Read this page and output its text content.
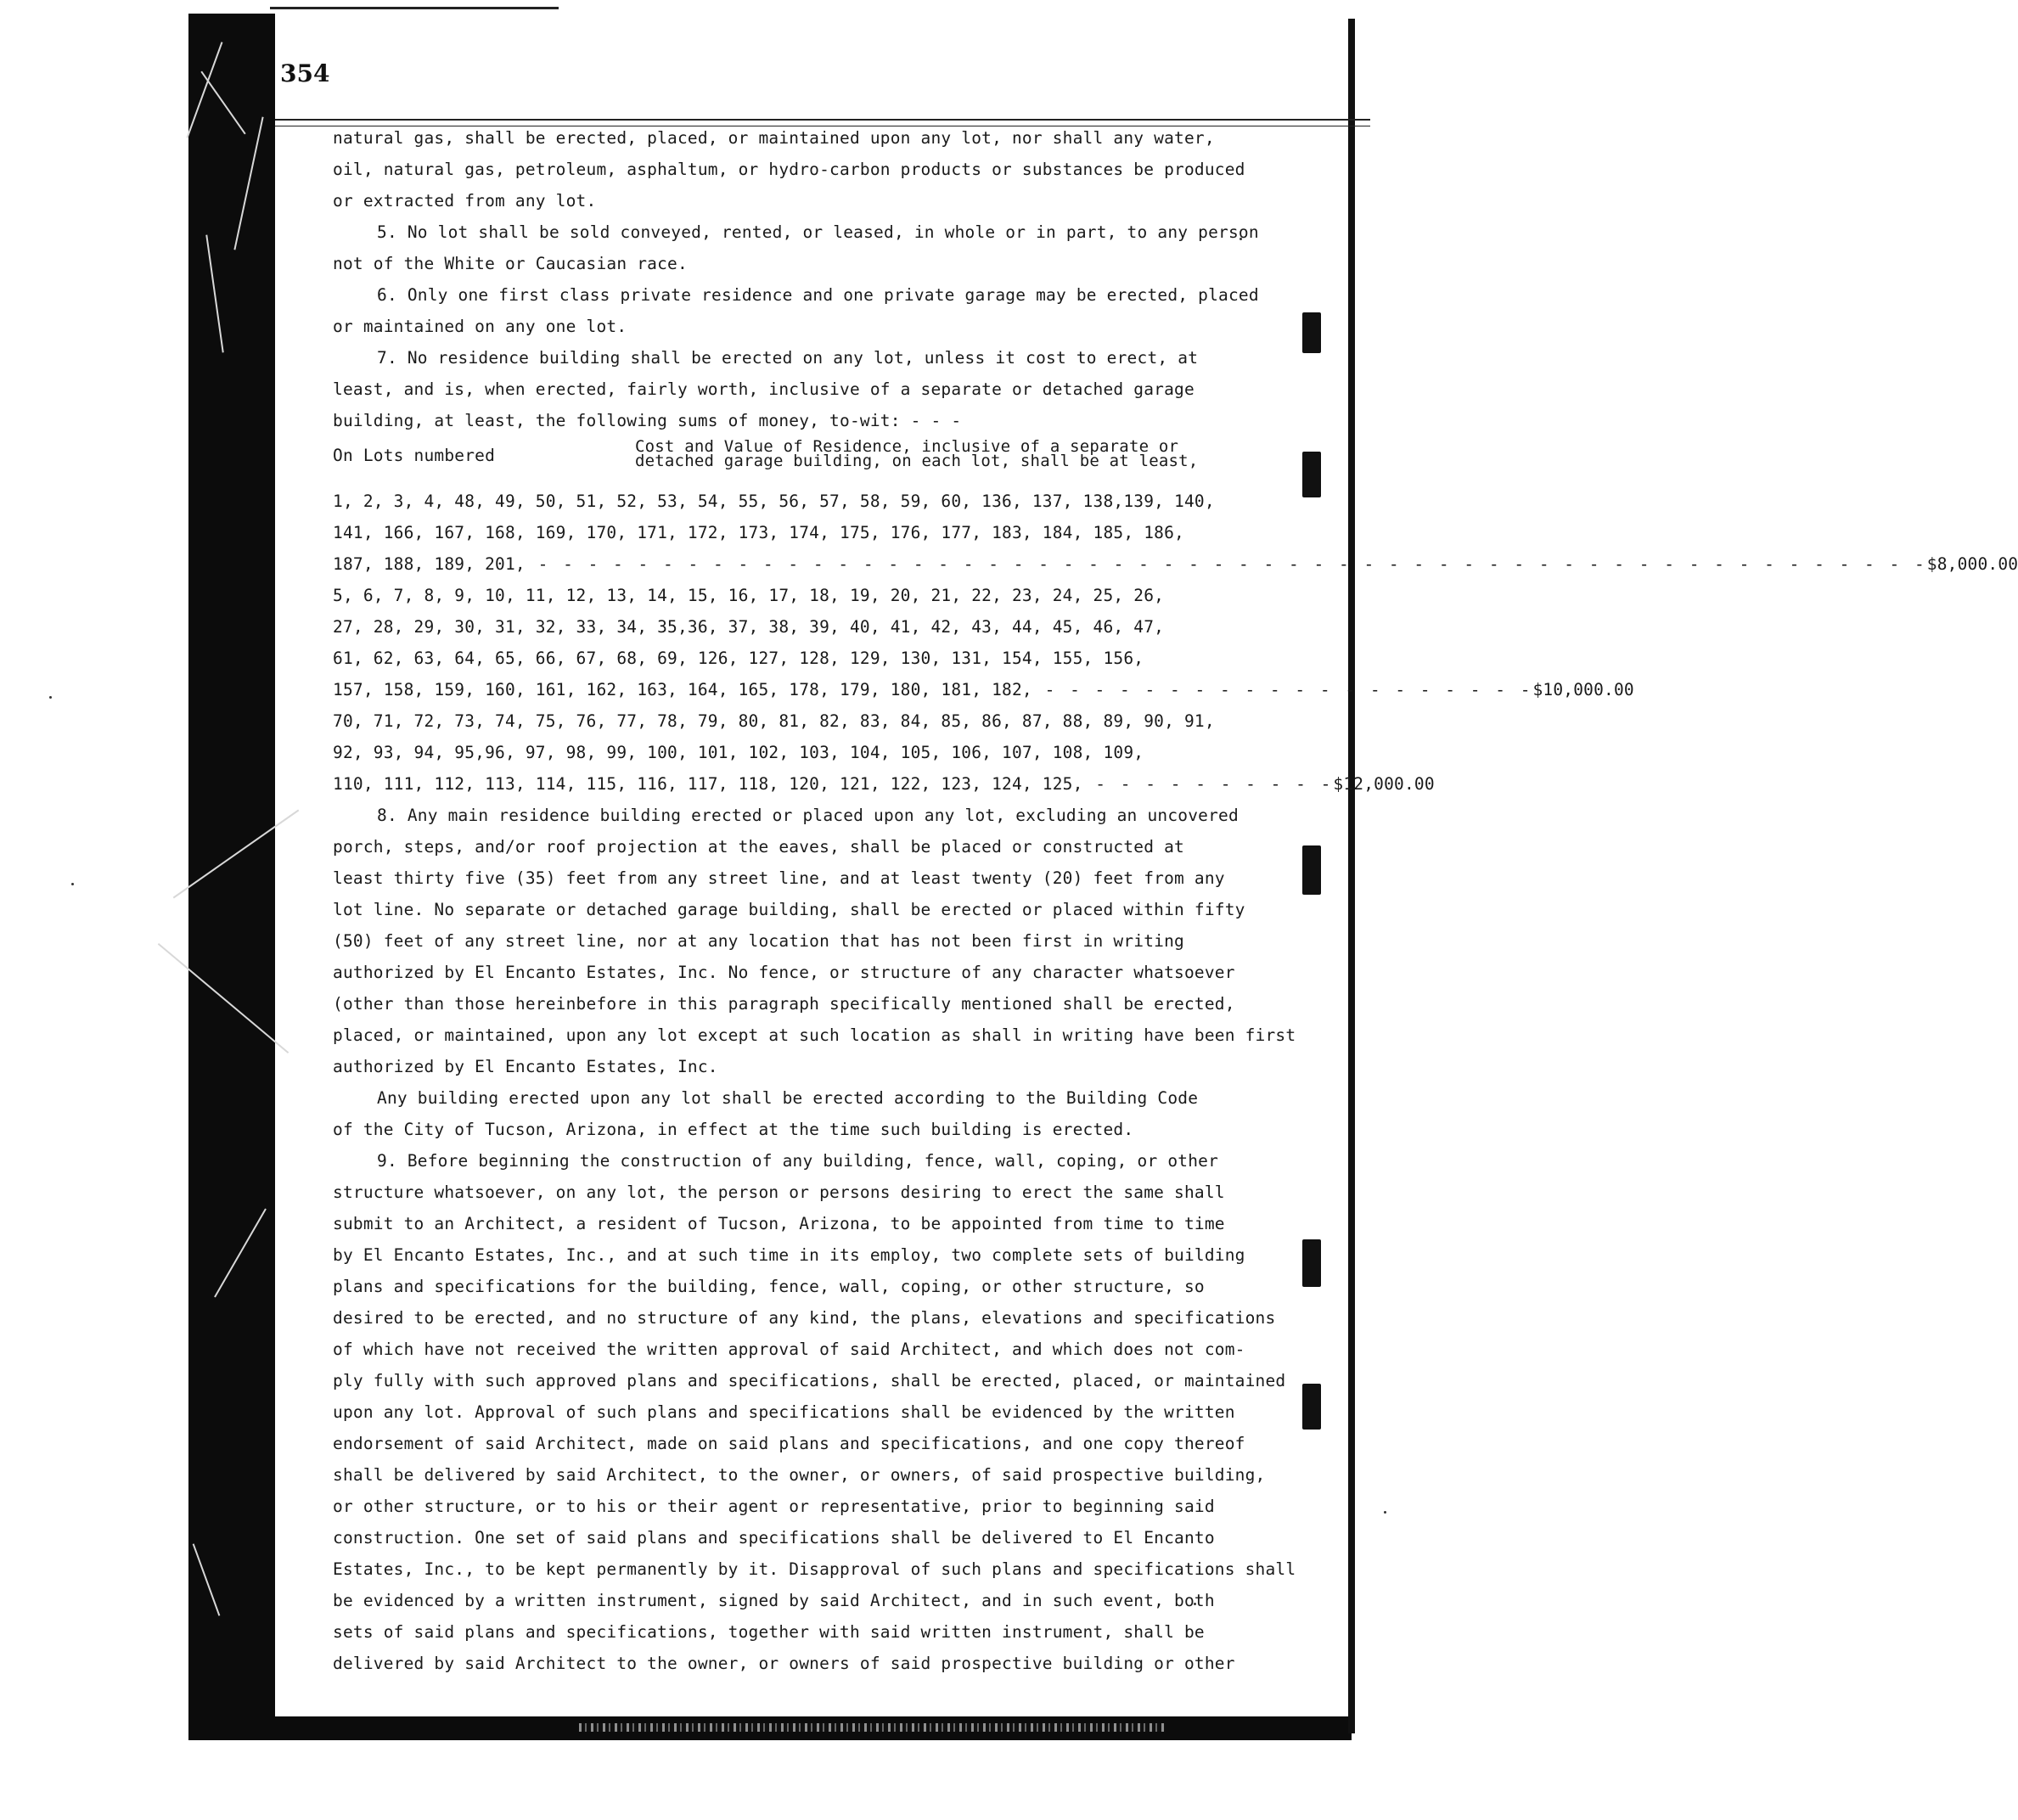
354
natural gas, shall be erected, placed, or maintained upon any lot, nor shall any water,
oil, natural gas, petroleum, asphaltum, or hydro-carbon products or substances be produced
or extracted from any lot.
5. No lot shall be sold conveyed, rented, or leased, in whole or in part, to any person
not of the White or Caucasian race.
6. Only one first class private residence and one private garage may be erected, placed
or maintained on any one lot.
7. No residence building shall be erected on any lot, unless it cost to erect, at
least, and is, when erected, fairly worth, inclusive of a separate or detached garage
building, at least, the following sums of money, to-wit: - - -
On Lots numbered	Cost and Value of Residence, inclusive of a separate or
detached garage building, on each lot, shall be at least,
1, 2, 3, 4, 48, 49, 50, 51, 52, 53, 54, 55, 56, 57, 58, 59, 60, 136, 137, 138,139, 140,
141, 166, 167, 168, 169, 170, 171, 172, 173, 174, 175, 176, 177, 183, 184, 185, 186,
187, 188, 189, 201, - - - - - - - - - - - - - - - - - - - - - - - - - - - - - - - - - - - - - - - - - - - - - - - - - - - - - - - - $8,000.00
5, 6, 7, 8, 9, 10, 11, 12, 13, 14, 15, 16, 17, 18, 19, 20, 21, 22, 23, 24, 25, 26,
27, 28, 29, 30, 31, 32, 33, 34, 35,36, 37, 38, 39, 40, 41, 42, 43, 44, 45, 46, 47,
61, 62, 63, 64, 65, 66, 67, 68, 69, 126, 127, 128, 129, 130, 131, 154, 155, 156,
157, 158, 159, 160, 161, 162, 163, 164, 165, 178, 179, 180, 181, 182, - - - - - - - - - - - - - - - - - - - - $10,000.00
70, 71, 72, 73, 74, 75, 76, 77, 78, 79, 80, 81, 82, 83, 84, 85, 86, 87, 88, 89, 90, 91,
92, 93, 94, 95,96, 97, 98, 99, 100, 101, 102, 103, 104, 105, 106, 107, 108, 109,
110, 111, 112, 113, 114, 115, 116, 117, 118, 120, 121, 122, 123, 124, 125, - - - - - - - - - - $12,000.00
8. Any main residence building erected or placed upon any lot, excluding an uncovered
porch, steps, and/or roof projection at the eaves, shall be placed or constructed at
least thirty five (35) feet from any street line, and at least twenty (20) feet from any
lot line. No separate or detached garage building, shall be erected or placed within fifty
(50) feet of any street line, nor at any location that has not been first in writing
authorized by El Encanto Estates, Inc. No fence, or structure of any character whatsoever
(other than those hereinbefore in this paragraph specifically mentioned shall be erected,
placed, or maintained, upon any lot except at such location as shall in writing have been first
authorized by El Encanto Estates, Inc.
Any building erected upon any lot shall be erected according to the Building Code
of the City of Tucson, Arizona, in effect at the time such building is erected.
9. Before beginning the construction of any building, fence, wall, coping, or other
structure whatsoever, on any lot, the person or persons desiring to erect the same shall
submit to an Architect, a resident of Tucson, Arizona, to be appointed from time to time
by El Encanto Estates, Inc., and at such time in its employ, two complete sets of building
plans and specifications for the building, fence, wall, coping, or other structure, so
desired to be erected, and no structure of any kind, the plans, elevations and specifications
of which have not received the written approval of said Architect, and which does not com-
ply fully with such approved plans and specifications, shall be erected, placed, or maintained
upon any lot. Approval of such plans and specifications shall be evidenced by the written
endorsement of said Architect, made on said plans and specifications, and one copy thereof
shall be delivered by said Architect, to the owner, or owners, of said prospective building,
or other structure, or to his or their agent or representative, prior to beginning said
construction. One set of said plans and specifications shall be delivered to El Encanto
Estates, Inc., to be kept permanently by it. Disapproval of such plans and specifications shall
be evidenced by a written instrument, signed by said Architect, and in such event, both
sets of said plans and specifications, together with said written instrument, shall be
delivered by said Architect to the owner, or owners of said prospective building or other
